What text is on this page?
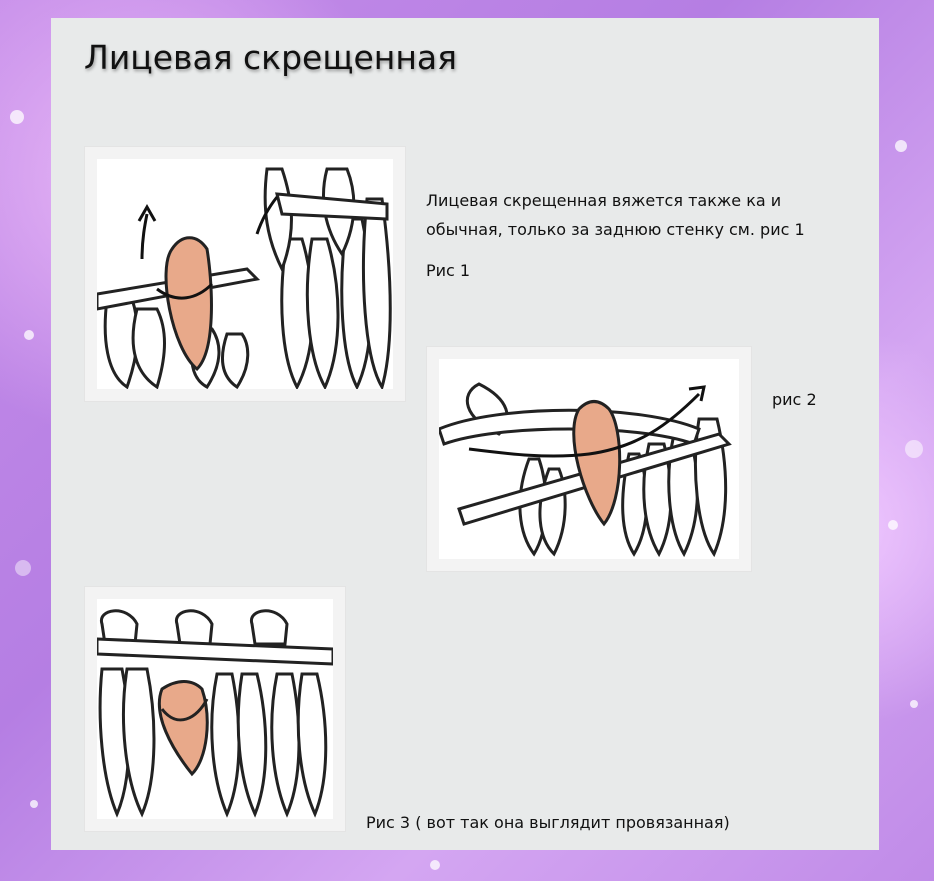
Лицевая скрещенная

Лицевая скрещенная вяжется также ка и
обычная, только за заднюю стенку см. рис 1

Рис 1

рис 2

Рис 3 ( вот так она выглядит провязанная)
